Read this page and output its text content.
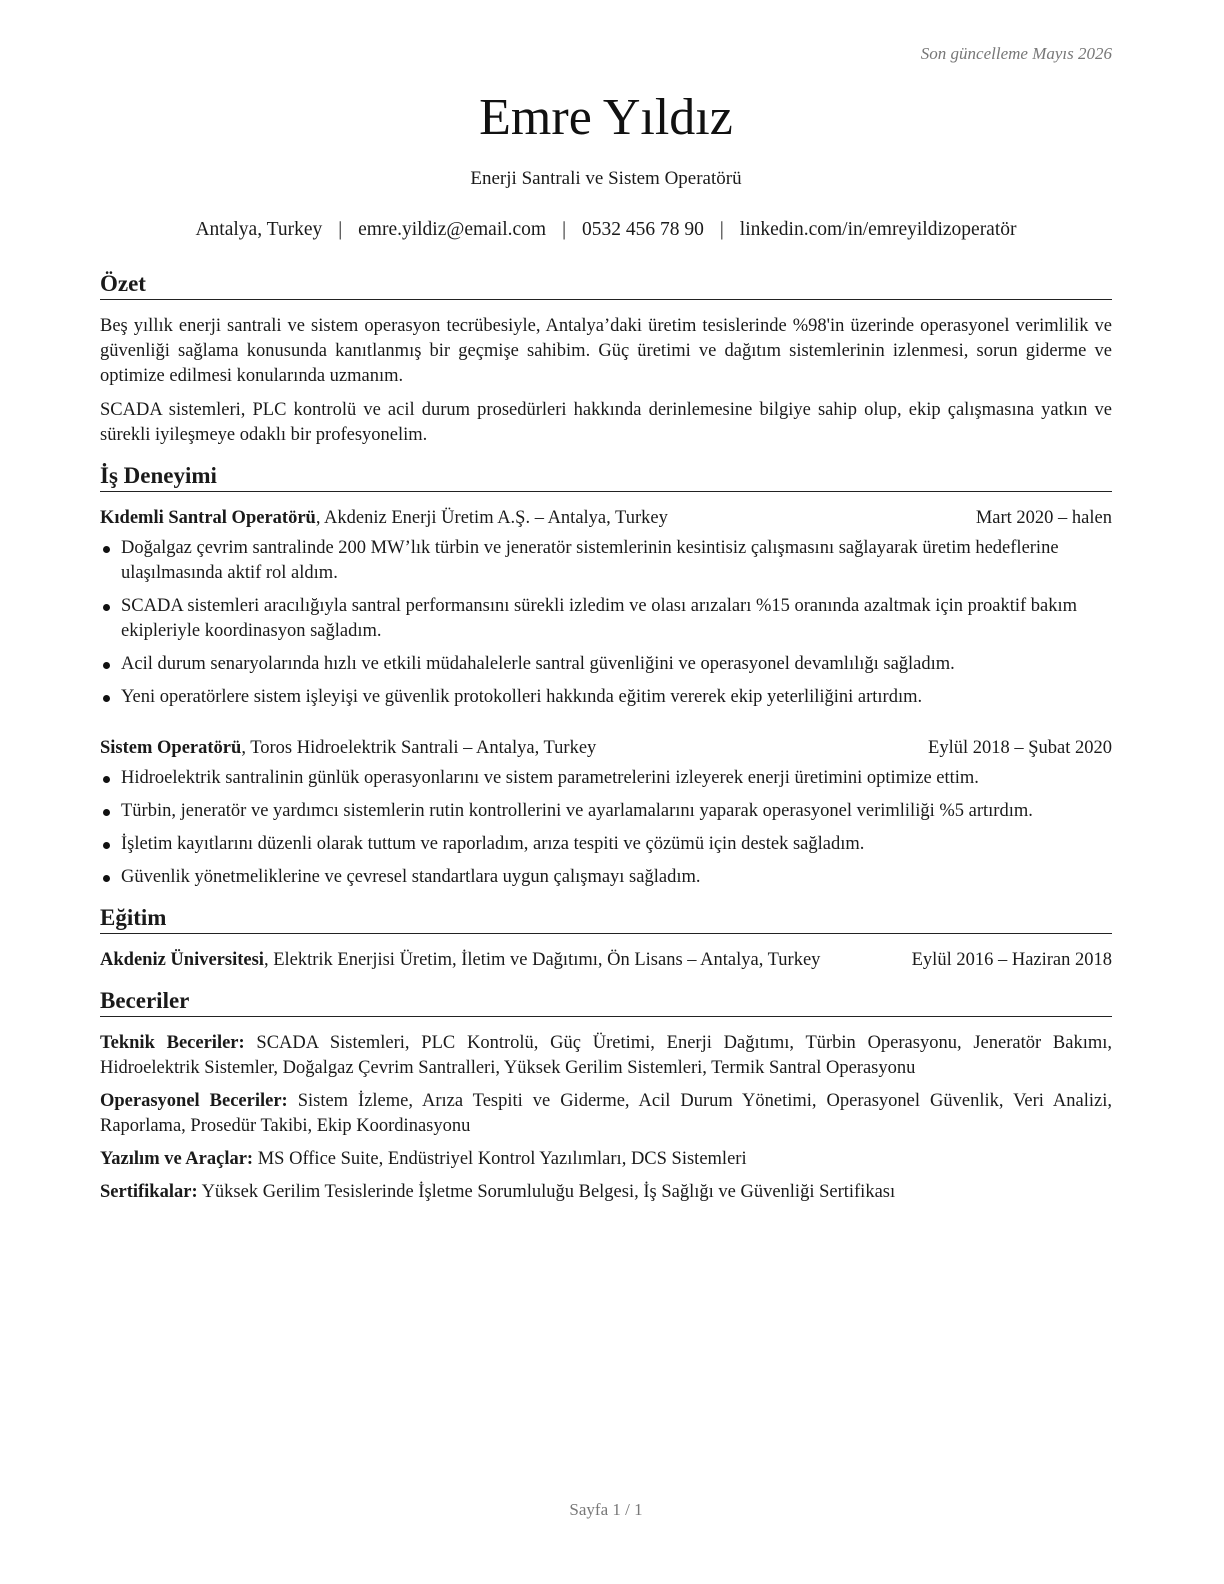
Son güncelleme Mayıs 2026
Emre Yıldız
Enerji Santrali ve Sistem Operatörü
Antalya, Turkey | emre.yildiz@email.com | 0532 456 78 90 | linkedin.com/in/emreyildizoperatör
Özet

Beş yıllık enerji santrali ve sistem operasyon tecrübesiyle, Antalya’daki üretim tesislerinde %98'in üzerinde operasyonel verimlilik ve güvenliği sağlama konusunda kanıtlanmış bir geçmişe sahibim. Güç üretimi ve dağıtım sistemlerinin izlenmesi, sorun giderme ve optimize edilmesi konularında uzmanım.

SCADA sistemleri, PLC kontrolü ve acil durum prosedürleri hakkında derinlemesine bilgiye sahip olup, ekip çalışmasına yatkın ve sürekli iyileşmeye odaklı bir profesyonelim.

İş Deneyimi
Kıdemli Santral Operatörü, Akdeniz Enerji Üretim A.Ş. – Antalya, Turkey	Mart 2020 – halen
Doğalgaz çevrim santralinde 200 MW’lık türbin ve jeneratör sistemlerinin kesintisiz çalışmasını sağlayarak üretim hedeflerine ulaşılmasında aktif rol aldım.
SCADA sistemleri aracılığıyla santral performansını sürekli izledim ve olası arızaları %15 oranında azaltmak için proaktif bakım ekipleriyle koordinasyon sağladım.
Acil durum senaryolarında hızlı ve etkili müdahalelerle santral güvenliğini ve operasyonel devamlılığı sağladım.
Yeni operatörlere sistem işleyişi ve güvenlik protokolleri hakkında eğitim vererek ekip yeterliliğini artırdım.
Sistem Operatörü, Toros Hidroelektrik Santrali – Antalya, Turkey	Eylül 2018 – Şubat 2020
Hidroelektrik santralinin günlük operasyonlarını ve sistem parametrelerini izleyerek enerji üretimini optimize ettim.
Türbin, jeneratör ve yardımcı sistemlerin rutin kontrollerini ve ayarlamalarını yaparak operasyonel verimliliği %5 artırdım.
İşletim kayıtlarını düzenli olarak tuttum ve raporladım, arıza tespiti ve çözümü için destek sağladım.
Güvenlik yönetmeliklerine ve çevresel standartlara uygun çalışmayı sağladım.
Eğitim
Akdeniz Üniversitesi, Elektrik Enerjisi Üretim, İletim ve Dağıtımı, Ön Lisans – Antalya, Turkey	Eylül 2016 – Haziran 2018
Beceriler

Teknik Beceriler: SCADA Sistemleri, PLC Kontrolü, Güç Üretimi, Enerji Dağıtımı, Türbin Operasyonu, Jeneratör Bakımı, Hidroelektrik Sistemler, Doğalgaz Çevrim Santralleri, Yüksek Gerilim Sistemleri, Termik Santral Operasyonu

Operasyonel Beceriler: Sistem İzleme, Arıza Tespiti ve Giderme, Acil Durum Yönetimi, Operasyonel Güvenlik, Veri Analizi, Raporlama, Prosedür Takibi, Ekip Koordinasyonu

Yazılım ve Araçlar: MS Office Suite, Endüstriyel Kontrol Yazılımları, DCS Sistemleri

Sertifikalar: Yüksek Gerilim Tesislerinde İşletme Sorumluluğu Belgesi, İş Sağlığı ve Güvenliği Sertifikası

Sayfa 1 / 1
